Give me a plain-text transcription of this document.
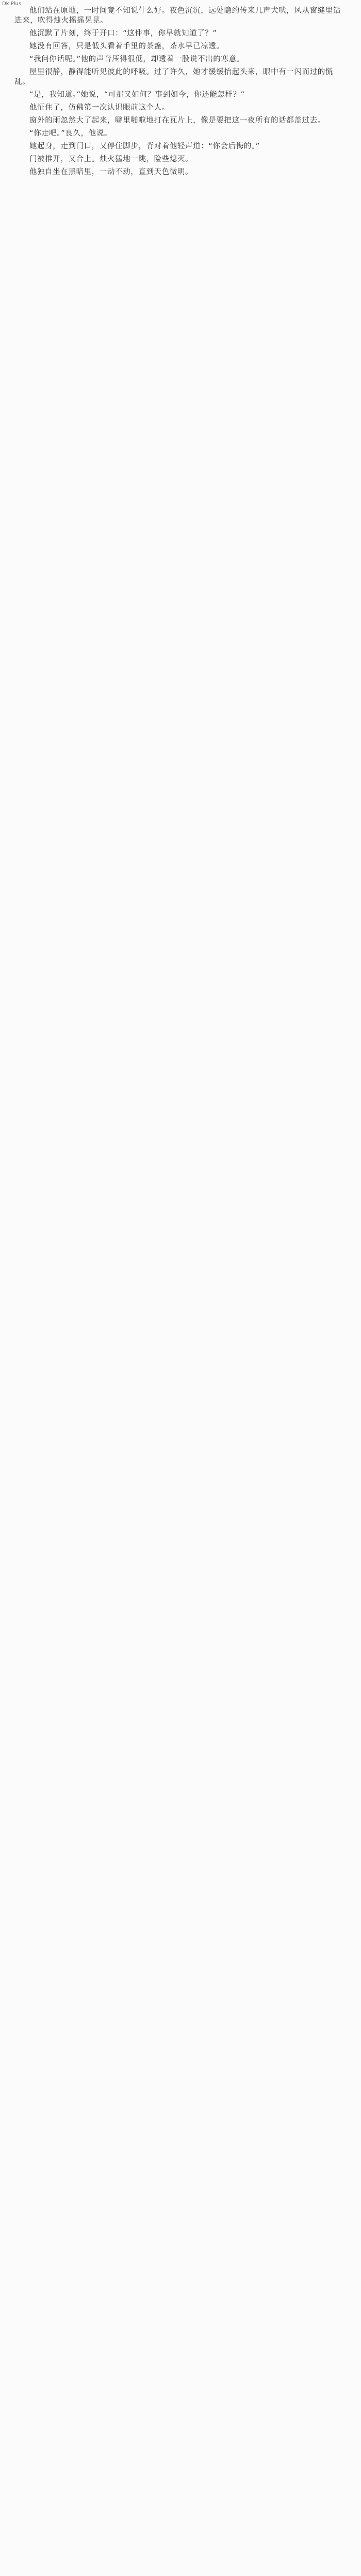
Dk Plus

他们站在原地，一时间竟不知说什么好。夜色沉沉，远处隐约传来几声犬吠，风从窗缝里钻进来，吹得烛火摇摇晃晃。

他沉默了片刻，终于开口：“这件事，你早就知道了？”

她没有回答，只是低头看着手里的茶盏，茶水早已凉透。

“我问你话呢。”他的声音压得很低，却透着一股说不出的寒意。

屋里很静，静得能听见彼此的呼吸。过了许久，她才缓缓抬起头来，眼中有一闪而过的慌乱。

“是，我知道。”她说，“可那又如何？事到如今，你还能怎样？”

他怔住了，仿佛第一次认识眼前这个人。

窗外的雨忽然大了起来，噼里啪啦地打在瓦片上，像是要把这一夜所有的话都盖过去。

“你走吧。”良久，他说。

她起身，走到门口，又停住脚步，背对着他轻声道：“你会后悔的。”

门被推开，又合上。烛火猛地一跳，险些熄灭。

他独自坐在黑暗里，一动不动，直到天色微明。
